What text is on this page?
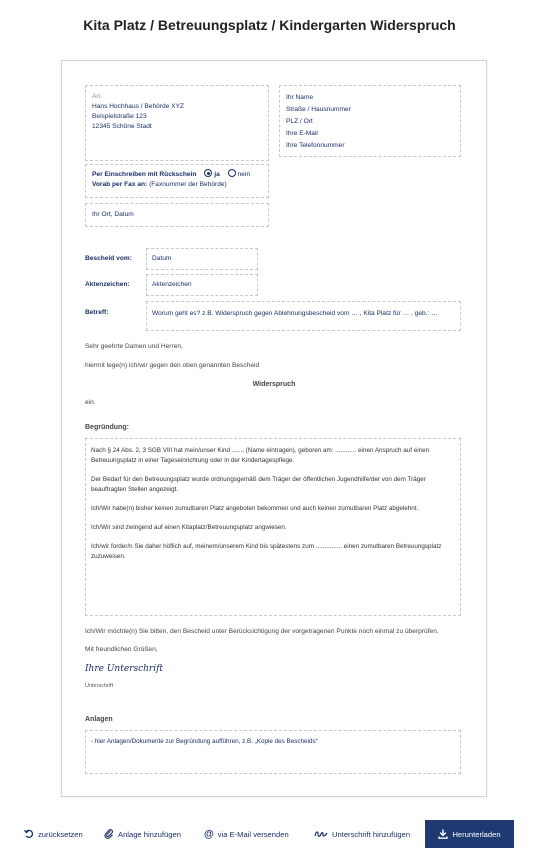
Kita Platz / Betreuungsplatz / Kindergarten Widerspruch
An:
Hans Hochhaus / Behörde XYZ
Beispielstraße 123
12345 Schöne Stadt
Ihr Name
Straße / Hausnummer
PLZ / Ort
Ihre E-Mail
Ihre Telefonnummer
Per Einschreiben mit Rückschein	ja	nein
Vorab per Fax an: (Faxnummer der Behörde)
Ihr Ort, Datum
Bescheid vom:	Datum
Aktenzeichen:	Aktenzeichen
Betreff:	Worum geht es? z.B. Widerspruch gegen Ablehnungsbescheid vom … , Kita Platz für … , geb.: …
Sehr geehrte Damen und Herren,
hiermit lege(n) ich/wir gegen den oben genannten Bescheid
Widerspruch
ein.
Begründung:

Nach § 24 Abs. 2, 3 SGB VIII hat mein/unser Kind ....... (Name eintragen), geboren am: ............ einen Anspruch auf einen Betreuungsplatz in einer Tageseinrichtung oder in der Kindertagespflege.

Der Bedarf für den Betreuungsplatz wurde ordnungsgemäß dem Träger der öffentlichen Jugendhilfe/der von dem Träger beauftragten Stellen angezeigt.

Ich/Wir habe(n) bisher keinen zumutbaren Platz angeboten bekommen und auch keinen zumutbaren Platz abgelehnt.

Ich/Wir sind zwingend auf einen Kitaplatz/Betreuungsplatz angwiesen.

Ich/wir forder/n Sie daher höflich auf, meinem/unserem Kind bis spätestens zum ............... einen zumutbaren Betreuungsplatz zuzuweisen.

Ich/Wir möchte(n) Sie bitten, den Bescheid unter Berücksichtigung der vorgetragenen Punkte noch einmal zu überprüfen.
Mit freundlichen Grüßen,
Ihre Unterschrift
Unterschrift
Anlagen
- hier Anlagen/Dokumente zur Begründung aufführen, z.B. „Kopie des Bescheids“
zurücksetzen	Anlage hinzufügen @ via E-Mail versenden	Unterschrift hinzufügen	Herunterladen
